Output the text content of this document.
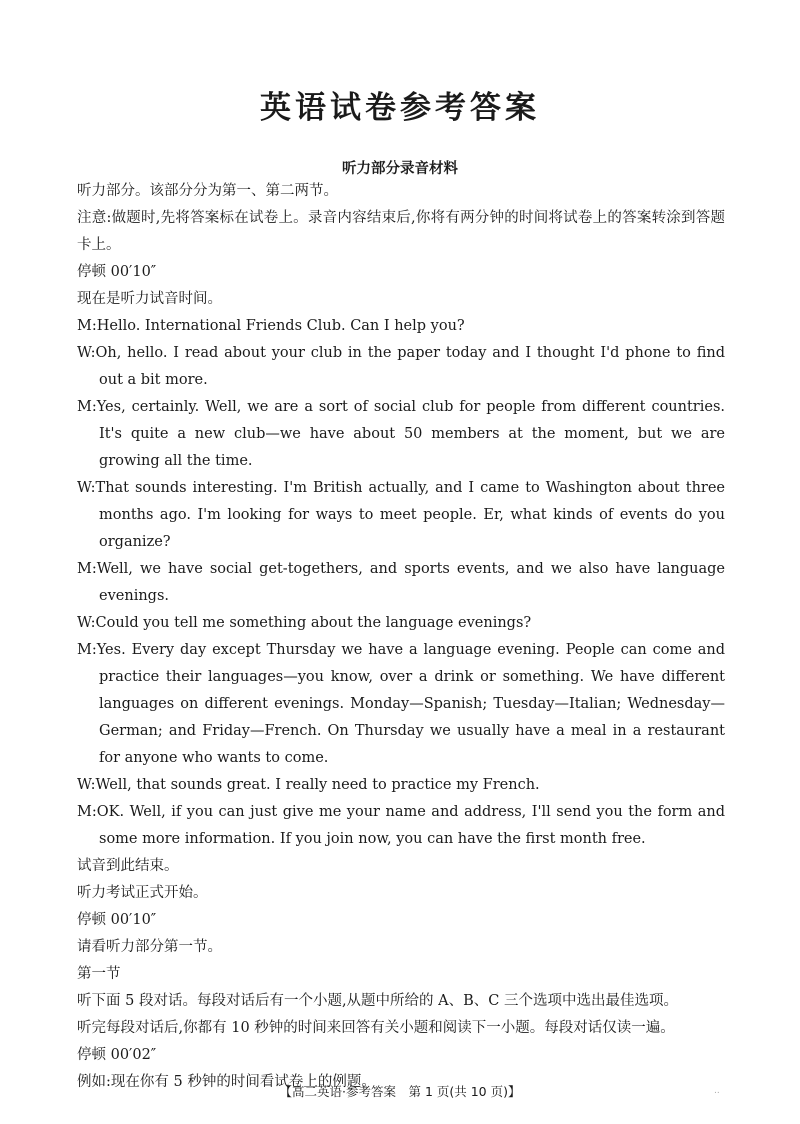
英语试卷参考答案
听力部分录音材料

听力部分。该部分分为第一、第二两节。

注意:做题时,先将答案标在试卷上。录音内容结束后,你将有两分钟的时间将试卷上的答案转涂到答题卡上。

停顿 00′10″

现在是听力试音时间。

M:Hello. International Friends Club. Can I help you?

W:Oh, hello. I read about your club in the paper today and I thought I'd phone to find out a bit more.

M:Yes, certainly. Well, we are a sort of social club for people from different countries. It's quite a new club—we have about 50 members at the moment, but we are growing all the time.

W:That sounds interesting. I'm British actually, and I came to Washington about three months ago. I'm looking for ways to meet people. Er, what kinds of events do you organize?

M:Well, we have social get-togethers, and sports events, and we also have language evenings.

W:Could you tell me something about the language evenings?

M:Yes. Every day except Thursday we have a language evening. People can come and practice their languages—you know, over a drink or something. We have different languages on different evenings. Monday—Spanish; Tuesday—Italian; Wednesday—German; and Friday—French. On Thursday we usually have a meal in a restaurant for anyone who wants to come.

W:Well, that sounds great. I really need to practice my French.

M:OK. Well, if you can just give me your name and address, I'll send you the form and some more information. If you join now, you can have the first month free.

试音到此结束。

听力考试正式开始。

停顿 00′10″

请看听力部分第一节。

第一节

听下面 5 段对话。每段对话后有一个小题,从题中所给的 A、B、C 三个选项中选出最佳选项。

听完每段对话后,你都有 10 秒钟的时间来回答有关小题和阅读下一小题。每段对话仅读一遍。

停顿 00′02″

例如:现在你有 5 秒钟的时间看试卷上的例题。

【高二英语·参考答案　第 1 页(共 10 页)】	..
